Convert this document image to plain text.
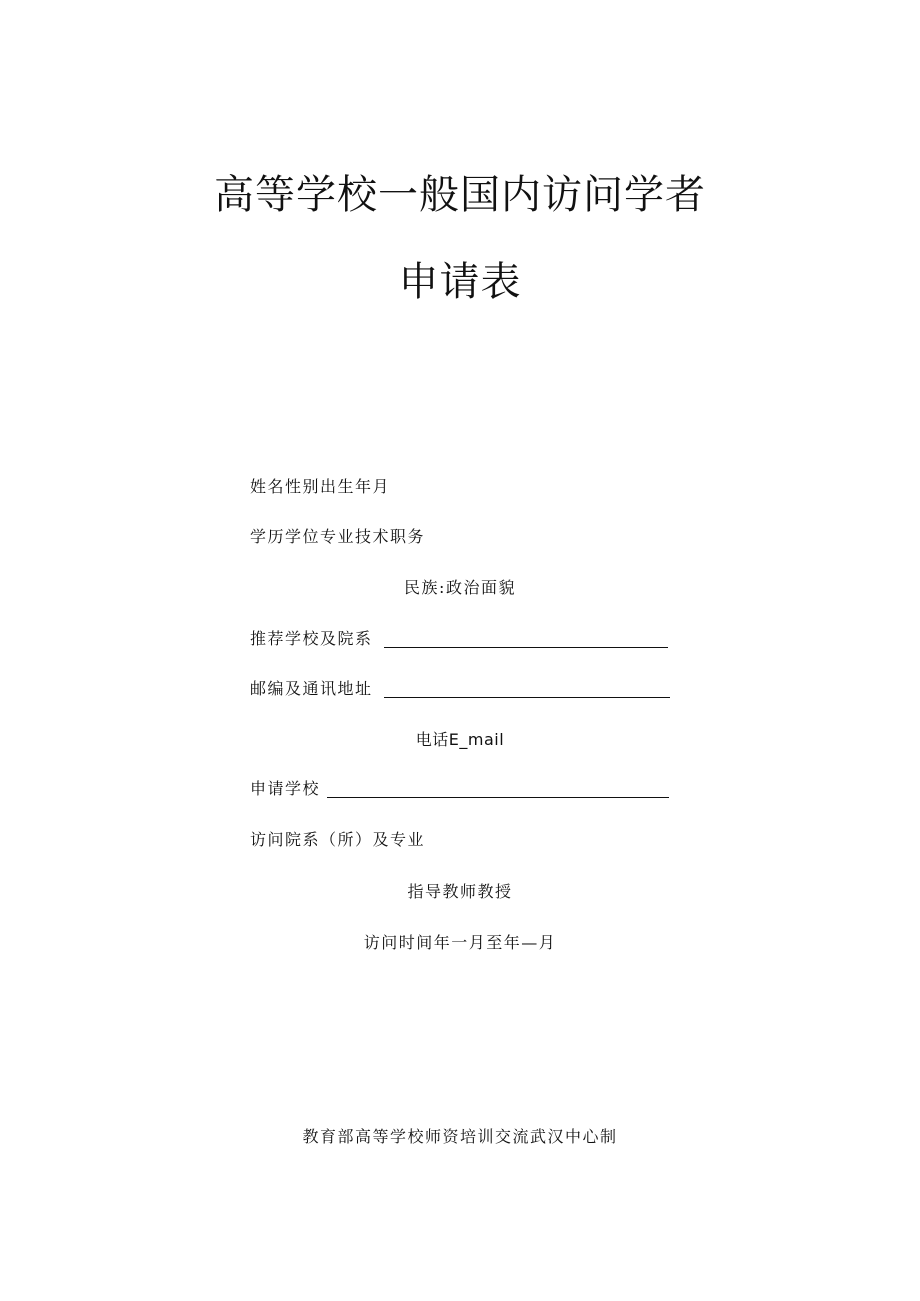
高等学校一般国内访问学者
申请表
姓名性别出生年月
学历学位专业技术职务
民族:政治面貌
推荐学校及院系
邮编及通讯地址
电话E_mail
申请学校
访问院系（所）及专业
指导教师教授
访问时间年一月至年—月
教育部高等学校师资培训交流武汉中心制
